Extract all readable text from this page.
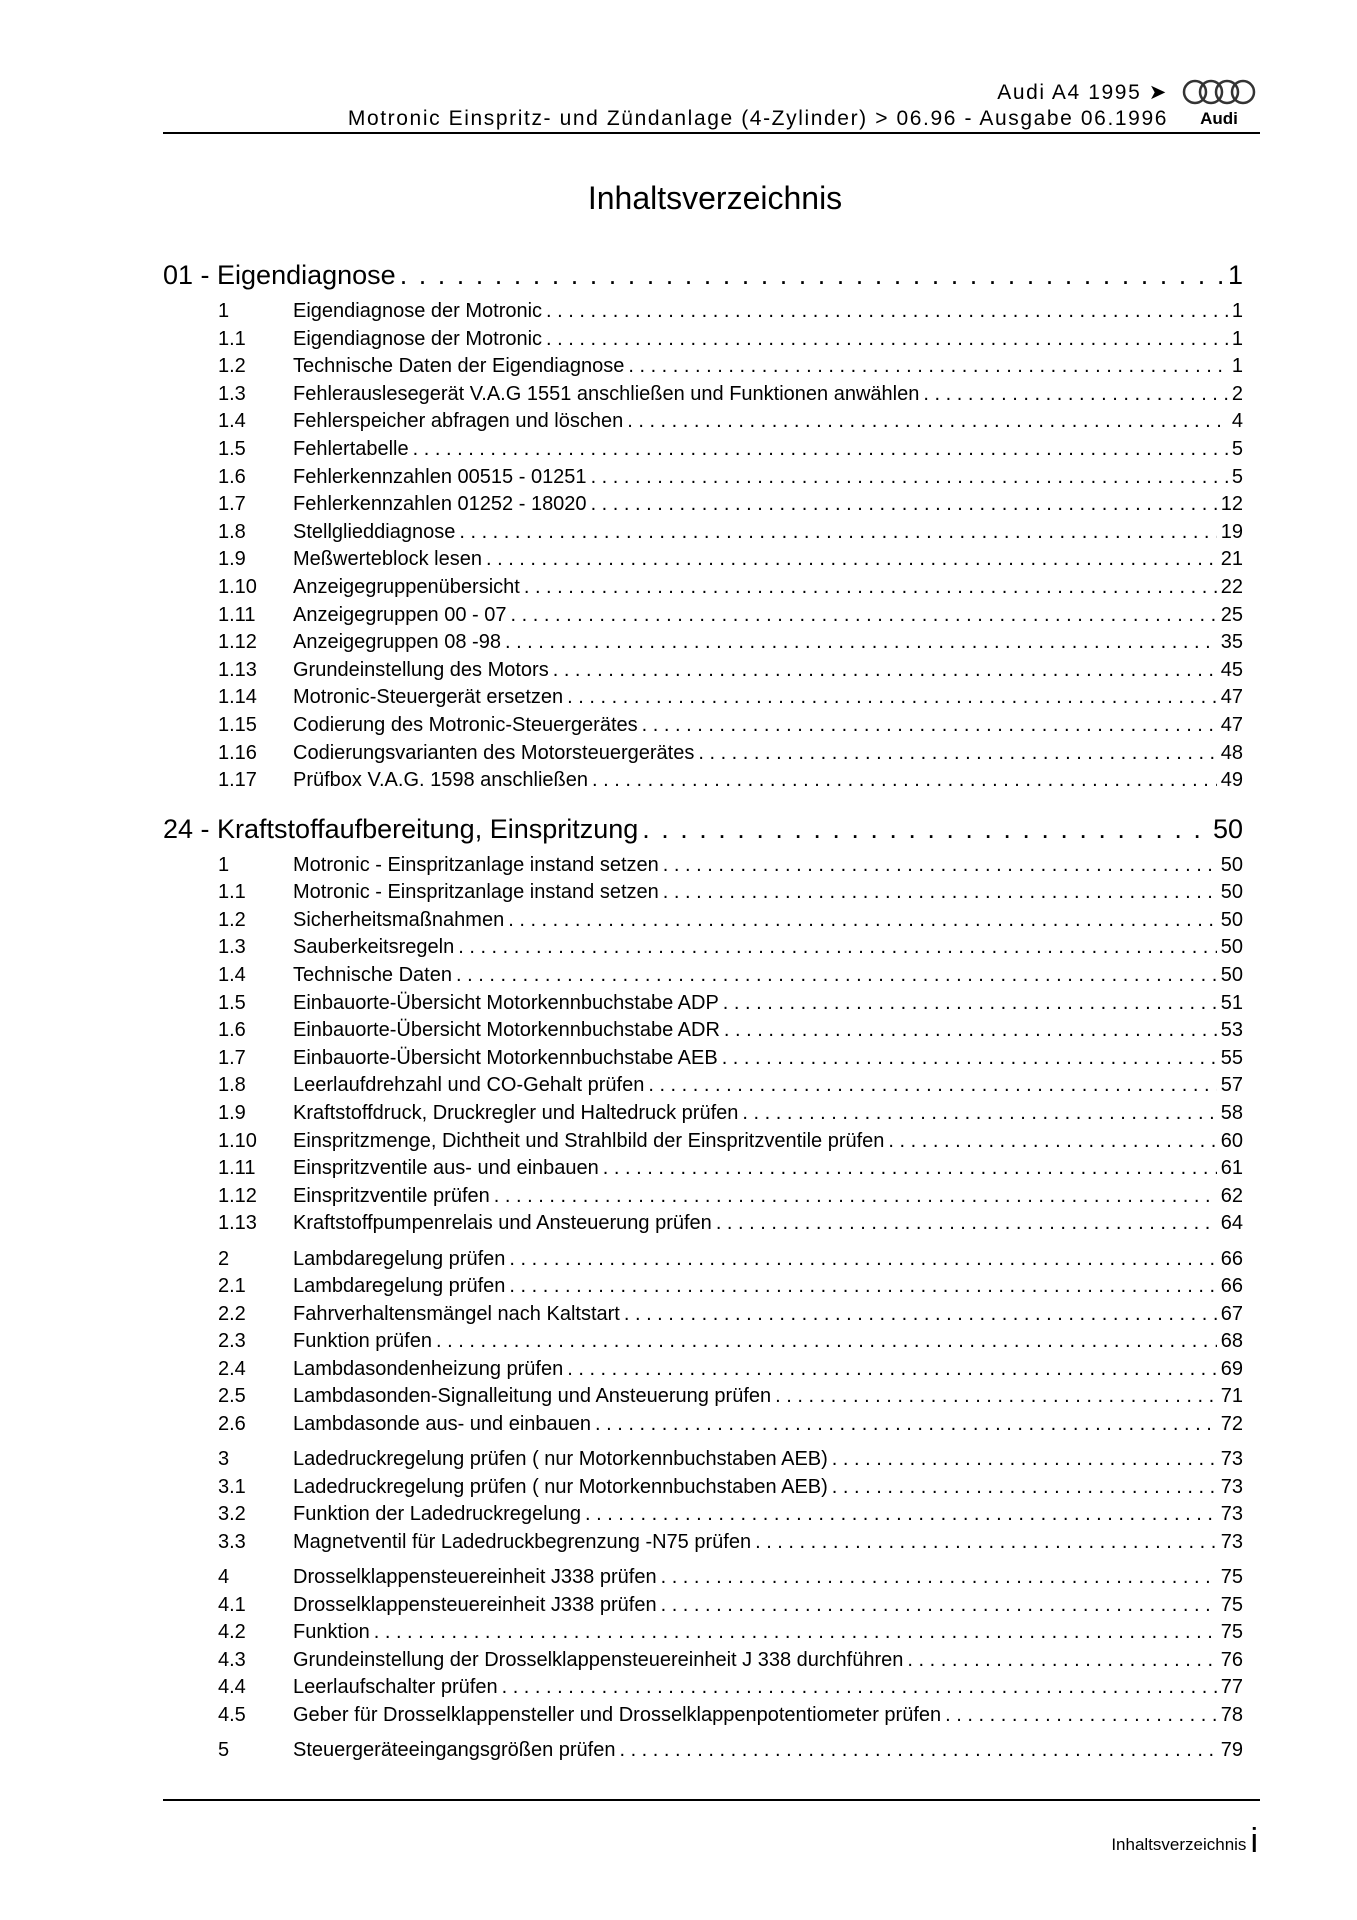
Audi A4 1995 ➤
Motronic Einspritz- und Zündanlage (4-Zylinder) > 06.96 - Ausgabe 06.1996 Audi
Inhaltsverzeichnis
01 - Eigendiagnose . . .	1
1	Eigendiagnose der Motronic . . .	1
1.1	Eigendiagnose der Motronic . . .	1
1.2	Technische Daten der Eigendiagnose . . .	1
1.3	Fehlerauslesegerät V.A.G 1551 anschließen und Funktionen anwählen . . .	2
1.4	Fehlerspeicher abfragen und löschen . . .	4
1.5	Fehlertabelle . . .	5
1.6	Fehlerkennzahlen 00515 - 01251 . . .	5
1.7	Fehlerkennzahlen 01252 - 18020 . . .	12
1.8	Stellglieddiagnose . . .	19
1.9	Meßwerteblock lesen . . .	21
1.10	Anzeigegruppenübersicht . . .	22
1.11	Anzeigegruppen 00 - 07 . . .	25
1.12	Anzeigegruppen 08 -98 . . .	35
1.13	Grundeinstellung des Motors . . .	45
1.14	Motronic-Steuergerät ersetzen . . .	47
1.15	Codierung des Motronic-Steuergerätes . . .	47
1.16	Codierungsvarianten des Motorsteuergerätes . . .	48
1.17	Prüfbox V.A.G. 1598 anschließen . . .	49
24 - Kraftstoffaufbereitung, Einspritzung . . .	50
1	Motronic - Einspritzanlage instand setzen . . .	50
1.1	Motronic - Einspritzanlage instand setzen . . .	50
1.2	Sicherheitsmaßnahmen . . .	50
1.3	Sauberkeitsregeln . . .	50
1.4	Technische Daten . . .	50
1.5	Einbauorte-Übersicht Motorkennbuchstabe ADP . . .	51
1.6	Einbauorte-Übersicht Motorkennbuchstabe ADR . . .	53
1.7	Einbauorte-Übersicht Motorkennbuchstabe AEB . . .	55
1.8	Leerlaufdrehzahl und CO-Gehalt prüfen . . .	57
1.9	Kraftstoffdruck, Druckregler und Haltedruck prüfen . . .	58
1.10	Einspritzmenge, Dichtheit und Strahlbild der Einspritzventile prüfen . . .	60
1.11	Einspritzventile aus- und einbauen . . .	61
1.12	Einspritzventile prüfen . . .	62
1.13	Kraftstoffpumpenrelais und Ansteuerung prüfen . . .	64
2	Lambdaregelung prüfen . . .	66
2.1	Lambdaregelung prüfen . . .	66
2.2	Fahrverhaltensmängel nach Kaltstart . . .	67
2.3	Funktion prüfen . . .	68
2.4	Lambdasondenheizung prüfen . . .	69
2.5	Lambdasonden-Signalleitung und Ansteuerung prüfen . . .	71
2.6	Lambdasonde aus- und einbauen . . .	72
3	Ladedruckregelung prüfen ( nur Motorkennbuchstaben AEB) . . .	73
3.1	Ladedruckregelung prüfen ( nur Motorkennbuchstaben AEB) . . .	73
3.2	Funktion der Ladedruckregelung . . .	73
3.3	Magnetventil für Ladedruckbegrenzung -N75 prüfen . . .	73
4	Drosselklappensteuereinheit J338 prüfen . . .	75
4.1	Drosselklappensteuereinheit J338 prüfen . . .	75
4.2	Funktion . . .	75
4.3	Grundeinstellung der Drosselklappensteuereinheit J 338 durchführen . . .	76
4.4	Leerlaufschalter prüfen . . .	77
4.5	Geber für Drosselklappensteller und Drosselklappenpotentiometer prüfen . . .	78
5	Steuergeräteeingangsgrößen prüfen . . .	79
Inhaltsverzeichnis i
